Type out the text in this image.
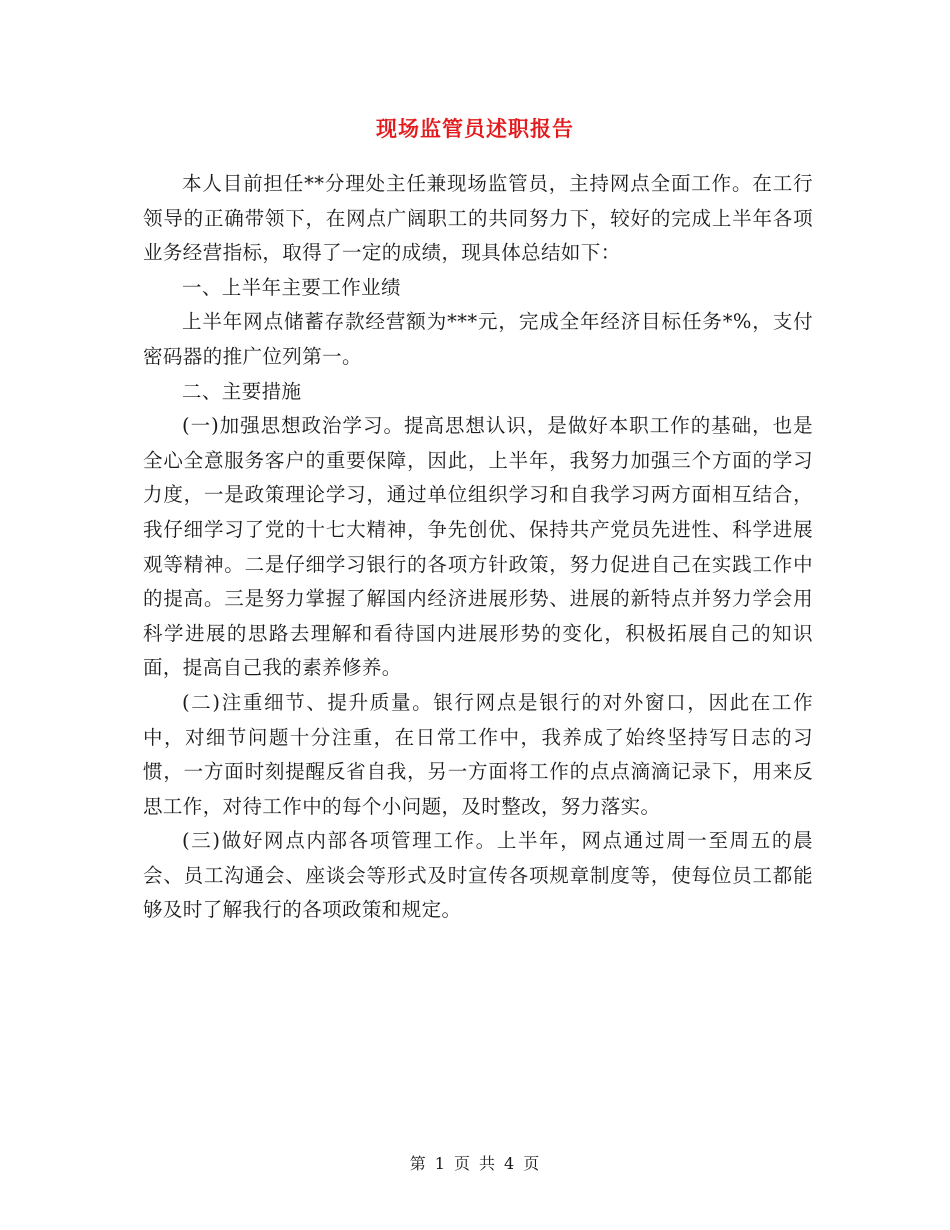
现场监管员述职报告

本人目前担任**分理处主任兼现场监管员，主持网点全面工作。在工行领导的正确带领下，在网点广阔职工的共同努力下，较好的完成上半年各项业务经营指标，取得了一定的成绩，现具体总结如下：

一、上半年主要工作业绩

上半年网点储蓄存款经营额为***元，完成全年经济目标任务*%，支付密码器的推广位列第一。

二、主要措施

(一)加强思想政治学习。提高思想认识，是做好本职工作的基础，也是全心全意服务客户的重要保障，因此，上半年，我努力加强三个方面的学习力度，一是政策理论学习，通过单位组织学习和自我学习两方面相互结合，我仔细学习了党的十七大精神，争先创优、保持共产党员先进性、科学进展观等精神。二是仔细学习银行的各项方针政策，努力促进自己在实践工作中的提高。三是努力掌握了解国内经济进展形势、进展的新特点并努力学会用科学进展的思路去理解和看待国内进展形势的变化，积极拓展自己的知识面，提高自己我的素养修养。

(二)注重细节、提升质量。银行网点是银行的对外窗口，因此在工作中，对细节问题十分注重，在日常工作中，我养成了始终坚持写日志的习惯，一方面时刻提醒反省自我，另一方面将工作的点点滴滴记录下，用来反思工作，对待工作中的每个小问题，及时整改，努力落实。

(三)做好网点内部各项管理工作。上半年，网点通过周一至周五的晨会、员工沟通会、座谈会等形式及时宣传各项规章制度等，使每位员工都能够及时了解我行的各项政策和规定。

第 1 页 共 4 页
